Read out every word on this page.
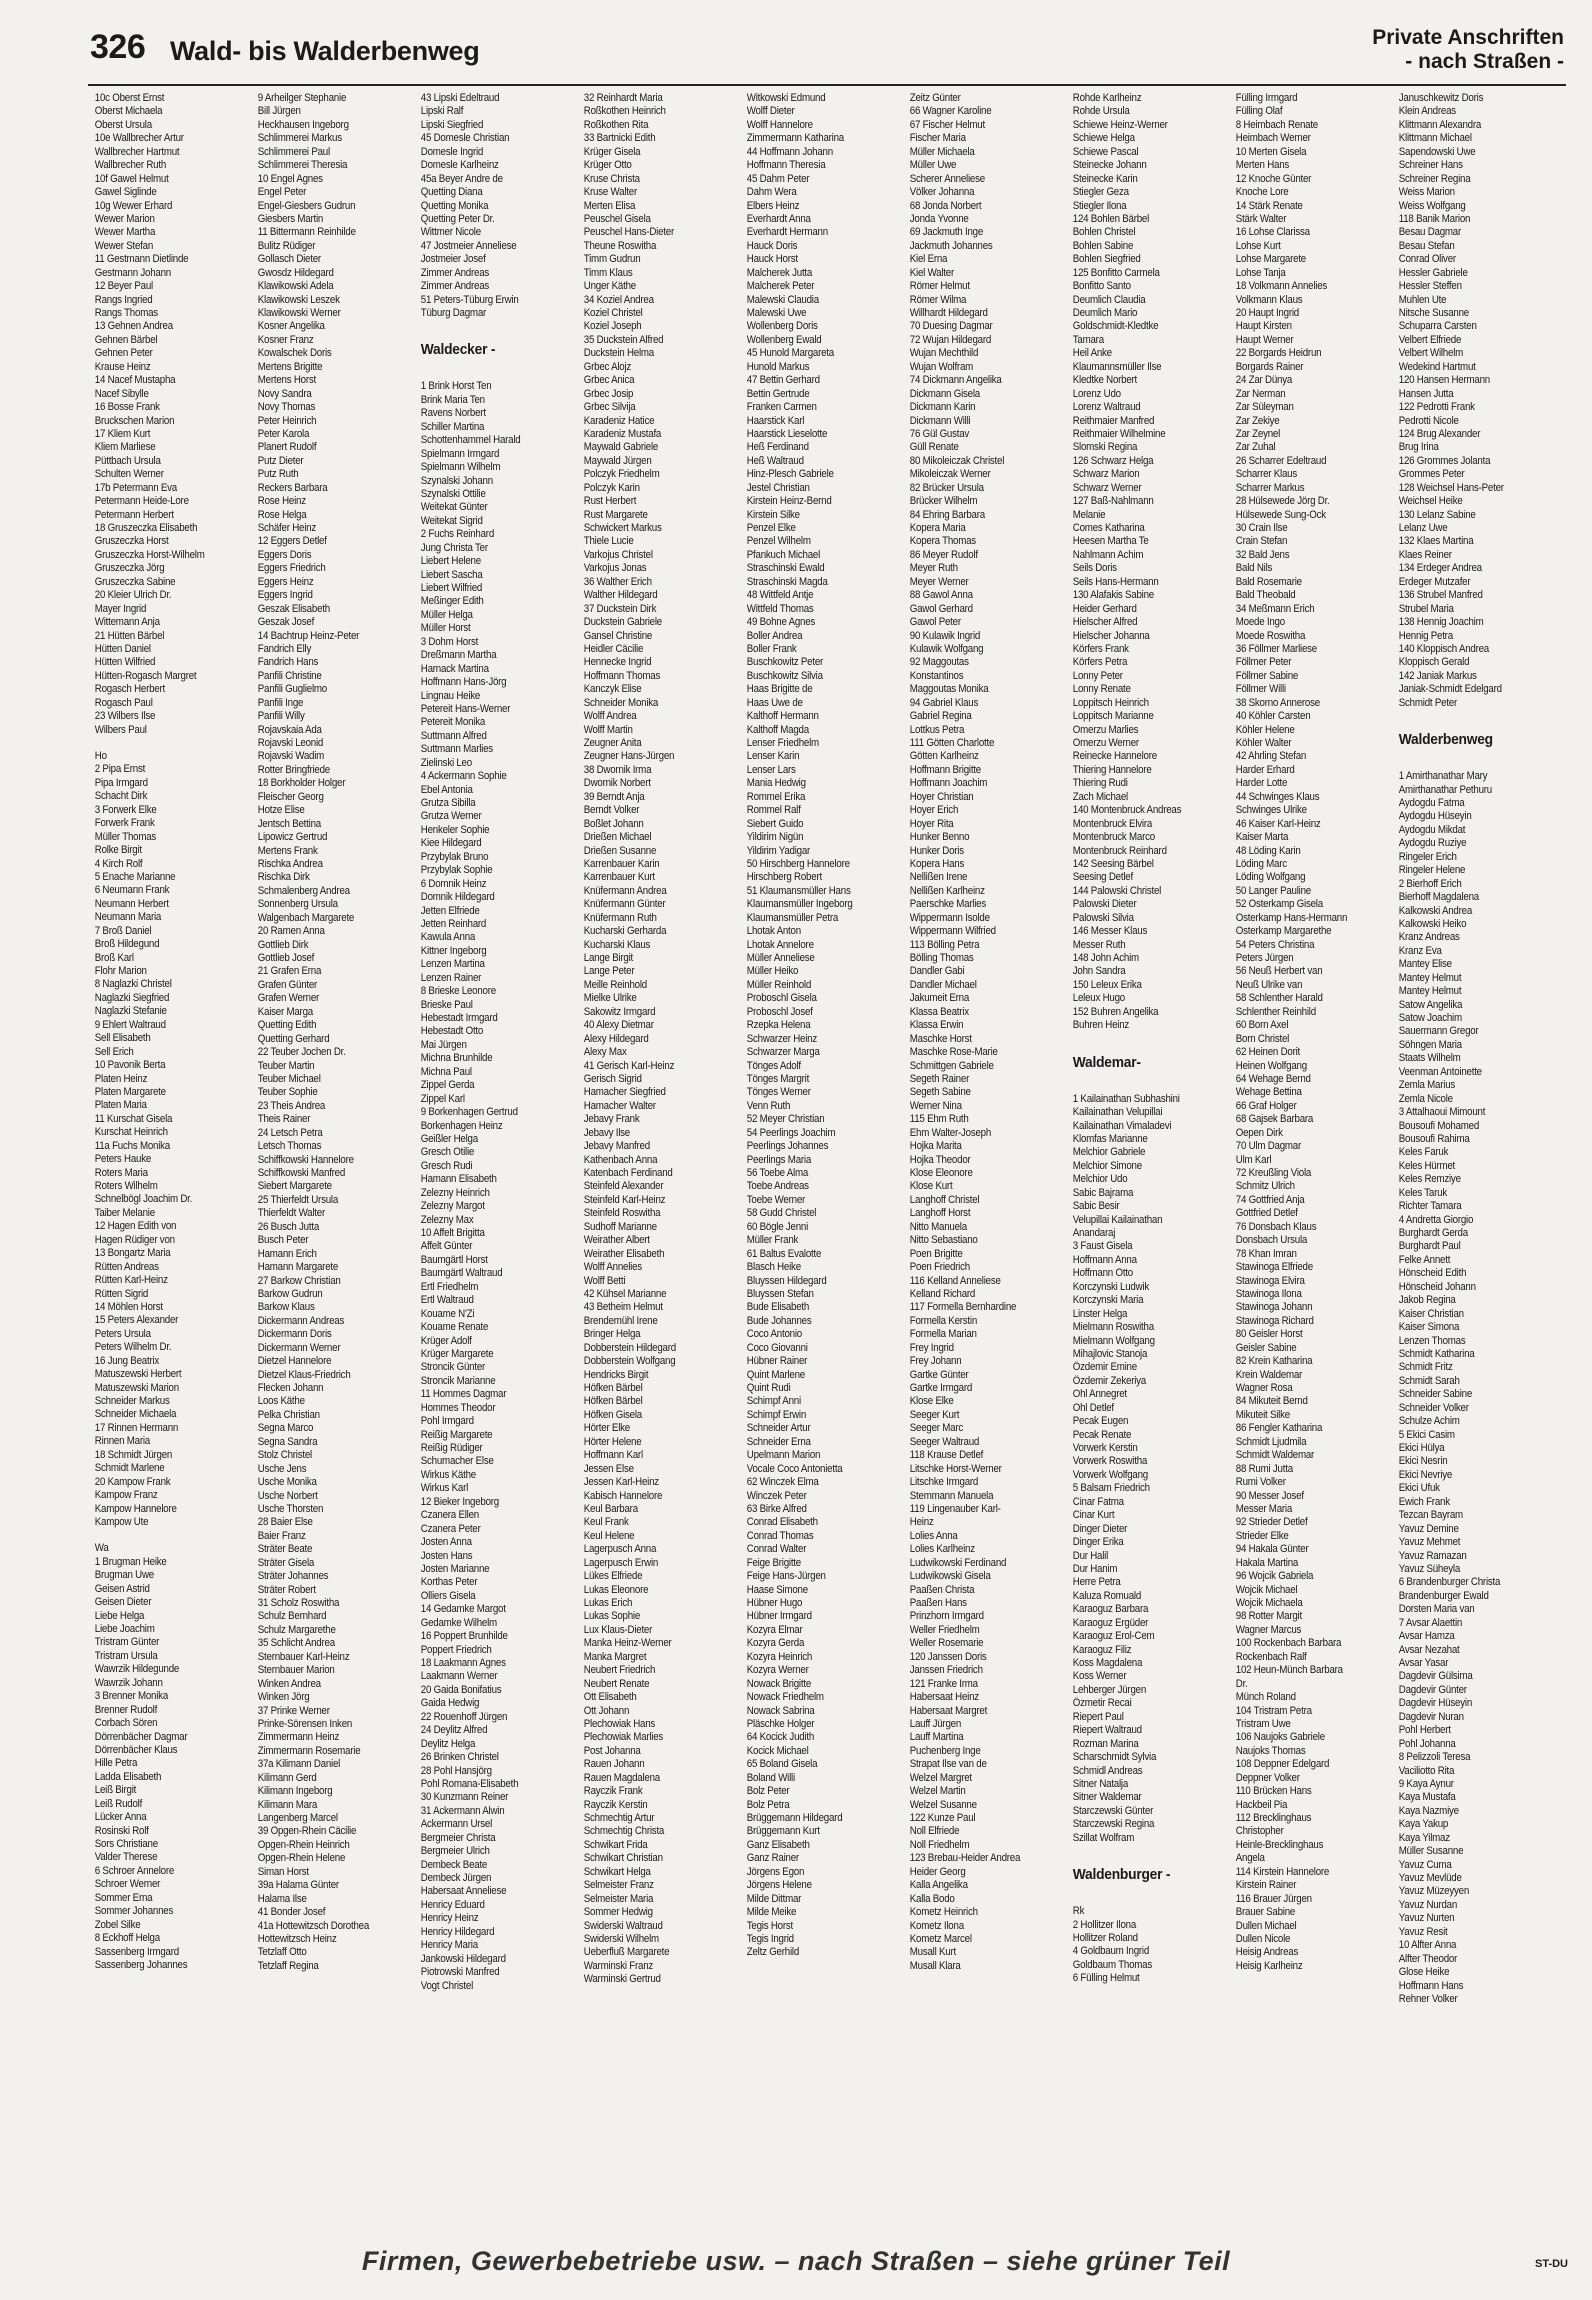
326 Wald- bis Walderbenweg	Private Anschriften
- nach Straßen -
10c Oberst Ernst
Oberst Michaela
Oberst Ursula
10e Wallbrecher Artur
Wallbrecher Hartmut
Wallbrecher Ruth
10f Gawel Helmut
Gawel Siglinde
10g Wewer Erhard
Wewer Marion
Wewer Martha
Wewer Stefan
11 Gestmann Dietlinde
Gestmann Johann
12 Beyer Paul
Rangs Ingried
Rangs Thomas
13 Gehnen Andrea
Gehnen Bärbel
Gehnen Peter
Krause Heinz
14 Nacef Mustapha
Nacef Sibylle
16 Bosse Frank
Bruckschen Marion
17 Kliem Kurt
Kliem Marliese
Püttbach Ursula
Schulten Werner
17b Petermann Eva
Petermann Heide-Lore
Petermann Herbert
18 Gruszeczka Elisabeth
Gruszeczka Horst
Gruszeczka Horst-Wilhelm
Gruszeczka Jörg
Gruszeczka Sabine
20 Kleier Ulrich Dr.
Mayer Ingrid
Wittemann Anja
21 Hütten Bärbel
Hütten Daniel
Hütten Wilfried
Hütten-Rogasch Margret
Rogasch Herbert
Rogasch Paul
23 Wilbers Ilse
Wilbers Paul
Ho
2 Pipa Ernst
Pipa Irmgard
Schacht Dirk
3 Forwerk Elke
Forwerk Frank
Müller Thomas
Rolke Birgit
4 Kirch Rolf
5 Enache Marianne
6 Neumann Frank
Neumann Herbert
Neumann Maria
7 Broß Daniel
Broß Hildegund
Broß Karl
Flohr Marion
8 Naglazki Christel
Naglazki Siegfried
Naglazki Stefanie
9 Ehlert Waltraud
Sell Elisabeth
Sell Erich
10 Pavonik Berta
Platen Heinz
Platen Margarete
Platen Maria
11 Kurschat Gisela
Kurschat Heinrich
11a Fuchs Monika
Peters Hauke
Roters Maria
Roters Wilhelm
Schnelbögl Joachim Dr.
Taiber Melanie
12 Hagen Edith von
Hagen Rüdiger von
13 Bongartz Maria
Rütten Andreas
Rütten Karl-Heinz
Rütten Sigrid
14 Möhlen Horst
15 Peters Alexander
Peters Ursula
Peters Wilhelm Dr.
16 Jung Beatrix
Matuszewski Herbert
Matuszewski Marion
Schneider Markus
Schneider Michaela
17 Rinnen Hermann
Rinnen Maria
18 Schmidt Jürgen
Schmidt Marlene
20 Kampow Frank
Kampow Franz
Kampow Hannelore
Kampow Ute
Wa
1 Brugman Heike
Brugman Uwe
Geisen Astrid
Geisen Dieter
Liebe Helga
Liebe Joachim
Tristram Günter
Tristram Ursula
Wawrzik Hildegunde
Wawrzik Johann
3 Brenner Monika
Brenner Rudolf
Corbach Sören
Dörrenbächer Dagmar
Dörrenbächer Klaus
Hille Petra
Ladda Elisabeth
Leiß Birgit
Leiß Rudolf
Lücker Anna
Rosinski Rolf
Sors Christiane
Valder Therese
6 Schroer Annelore
Schroer Werner
Sommer Erna
Sommer Johannes
Zobel Silke
8 Eckhoff Helga
Sassenberg Irmgard
Sassenberg Johannes
9 Arheilger Stephanie
Bill Jürgen
Heckhausen Ingeborg
Schlimmerei Markus
Schlimmerei Paul
Schlimmerei Theresia
10 Engel Agnes
Engel Peter
Engel-Giesbers Gudrun
Giesbers Martin
11 Bittermann Reinhilde
Bulitz Rüdiger
Gollasch Dieter
Gwosdz Hildegard
Klawikowski Adela
Klawikowski Leszek
Klawikowski Werner
Kosner Angelika
Kosner Franz
Kowalschek Doris
Mertens Brigitte
Mertens Horst
Novy Sandra
Novy Thomas
Peter Heinrich
Peter Karola
Planert Rudolf
Putz Dieter
Putz Ruth
Reckers Barbara
Rose Heinz
Rose Helga
Schäfer Heinz
12 Eggers Detlef
Eggers Doris
Eggers Friedrich
Eggers Heinz
Eggers Ingrid
Geszak Elisabeth
Geszak Josef
14 Bachtrup Heinz-Peter
Fandrich Elly
Fandrich Hans
Panfili Christine
Panfili Guglielmo
Panfili Inge
Panfili Willy
Rojavskaia Ada
Rojavski Leonid
Rojavski Wadim
Rotter Bringfriede
18 Borkholder Holger
Fleischer Georg
Hotze Elise
Jentsch Bettina
Lipowicz Gertrud
Mertens Frank
Rischka Andrea
Rischka Dirk
Schmalenberg Andrea
Sonnenberg Ursula
Walgenbach Margarete
20 Ramen Anna
Gottlieb Dirk
Gottlieb Josef
21 Grafen Erna
Grafen Günter
Grafen Werner
Kaiser Marga
Quetting Edith
Quetting Gerhard
22 Teuber Jochen Dr.
Teuber Martin
Teuber Michael
Teuber Sophie
23 Theis Andrea
Theis Rainer
24 Letsch Petra
Letsch Thomas
Schiffkowski Hannelore
Schiffkowski Manfred
Siebert Margarete
25 Thierfeldt Ursula
Thierfeldt Walter
26 Busch Jutta
Busch Peter
Hamann Erich
Hamann Margarete
27 Barkow Christian
Barkow Gudrun
Barkow Klaus
Dickermann Andreas
Dickermann Doris
Dickermann Werner
Dietzel Hannelore
Dietzel Klaus-Friedrich
Flecken Johann
Loos Käthe
Pelka Christian
Segna Marco
Segna Sandra
Stolz Christel
Usche Jens
Usche Monika
Usche Norbert
Usche Thorsten
28 Baier Else
Baier Franz
Sträter Beate
Sträter Gisela
Sträter Johannes
Sträter Robert
31 Scholz Roswitha
Schulz Bernhard
Schulz Margarethe
35 Schlicht Andrea
Sternbauer Karl-Heinz
Sternbauer Marion
Winken Andrea
Winken Jörg
37 Prinke Werner
Prinke-Sörensen Inken
Zimmermann Heinz
Zimmermann Rosemarie
37a Kilimann Daniel
Kilimann Gerd
Kilimann Ingeborg
Kilimann Mara
Langenberg Marcel
39 Opgen-Rhein Cäcilie
Opgen-Rhein Heinrich
Opgen-Rhein Helene
Siman Horst
39a Halama Günter
Halama Ilse
41 Bonder Josef
41a Hottewitzsch Dorothea
Hottewitzsch Heinz
Tetzlaff Otto
Tetzlaff Regina
43 Lipski Edeltraud
Lipski Ralf
Lipski Siegfried
45 Domesle Christian
Domesle Ingrid
Domesle Karlheinz
45a Beyer Andre de
Quetting Diana
Quetting Monika
Quetting Peter Dr.
Wittmer Nicole
47 Jostmeier Anneliese
Jostmeier Josef
Zimmer Andreas
Zimmer Andreas
51 Peters-Tüburg Erwin
Tüburg Dagmar
Waldecker -
1 Brink Horst Ten
Brink Maria Ten
Ravens Norbert
Schiller Martina
Schottenhammel Harald
Spielmann Irmgard
Spielmann Wilhelm
Szynalski Johann
Szynalski Ottilie
Weitekat Günter
Weitekat Sigrid
2 Fuchs Reinhard
Jung Christa Ter
Liebert Helene
Liebert Sascha
Liebert Wilfried
Meßinger Edith
Müller Helga
Müller Horst
3 Dohm Horst
Dreßmann Martha
Harnack Martina
Hoffmann Hans-Jörg
Lingnau Heike
Petereit Hans-Werner
Petereit Monika
Suttmann Alfred
Suttmann Marlies
Zielinski Leo
4 Ackermann Sophie
Ebel Antonia
Grutza Sibilla
Grutza Werner
Henkeler Sophie
Kiee Hildegard
Przybylak Bruno
Przybylak Sophie
6 Domnik Heinz
Domnik Hildegard
Jetten Elfriede
Jetten Reinhard
Kawula Anna
Kittner Ingeborg
Lenzen Martina
Lenzen Rainer
8 Brieske Leonore
Brieske Paul
Hebestadt Irmgard
Hebestadt Otto
Mai Jürgen
Michna Brunhilde
Michna Paul
Zippel Gerda
Zippel Karl
9 Borkenhagen Gertrud
Borkenhagen Heinz
Geißler Helga
Gresch Otilie
Gresch Rudi
Hamann Elisabeth
Zelezny Heinrich
Zelezny Margot
Zelezny Max
10 Affelt Brigitta
Affelt Günter
Baumgärtl Horst
Baumgärtl Waltraud
Ertl Friedhelm
Ertl Waltraud
Kouame N'Zi
Kouame Renate
Krüger Adolf
Krüger Margarete
Stroncik Günter
Stroncik Marianne
11 Hommes Dagmar
Hommes Theodor
Pohl Irmgard
Reißig Margarete
Reißig Rüdiger
Schumacher Else
Wirkus Käthe
Wirkus Karl
12 Bieker Ingeborg
Czanera Ellen
Czanera Peter
Josten Anna
Josten Hans
Josten Marianne
Korthas Peter
Olliers Gisela
14 Gedamke Margot
Gedamke Wilhelm
16 Poppert Brunhilde
Poppert Friedrich
18 Laakmann Agnes
Laakmann Werner
20 Gaida Bonifatius
Gaida Hedwig
22 Rouenhoff Jürgen
24 Deylitz Alfred
Deylitz Helga
26 Brinken Christel
28 Pohl Hansjörg
Pohl Romana-Elisabeth
30 Kunzmann Reiner
31 Ackermann Alwin
Ackermann Ursel
Bergmeier Christa
Bergmeier Ulrich
Dembeck Beate
Dembeck Jürgen
Habersaat Anneliese
Henricy Eduard
Henricy Heinz
Henricy Hildegard
Henricy Maria
Jankowski Hildegard
Piotrowski Manfred
Vogt Christel
32 Reinhardt Maria
Roßkothen Heinrich
Roßkothen Rita
33 Bartnicki Edith
Krüger Gisela
Krüger Otto
Kruse Christa
Kruse Walter
Merten Elisa
Peuschel Gisela
Peuschel Hans-Dieter
Theune Roswitha
Timm Gudrun
Timm Klaus
Unger Käthe
34 Koziel Andrea
Koziel Christel
Koziel Joseph
35 Duckstein Alfred
Duckstein Helma
Grbec Alojz
Grbec Anica
Grbec Josip
Grbec Silvija
Karadeniz Hatice
Karadeniz Mustafa
Maywald Gabriele
Maywald Jürgen
Polczyk Friedhelm
Polczyk Karin
Rust Herbert
Rust Margarete
Schwickert Markus
Thiele Lucie
Varkojus Christel
Varkojus Jonas
36 Walther Erich
Walther Hildegard
37 Duckstein Dirk
Duckstein Gabriele
Gansel Christine
Heidler Cäcilie
Hennecke Ingrid
Hoffmann Thomas
Kanczyk Elise
Schneider Monika
Wolff Andrea
Wolff Martin
Zeugner Anita
Zeugner Hans-Jürgen
38 Dwornik Irma
Dwornik Norbert
39 Berndt Anja
Berndt Volker
Boßlet Johann
Drießen Michael
Drießen Susanne
Karrenbauer Karin
Karrenbauer Kurt
Knüfermann Andrea
Knüfermann Günter
Knüfermann Ruth
Kucharski Gerharda
Kucharski Klaus
Lange Birgit
Lange Peter
Meille Reinhold
Mielke Ulrike
Sakowitz Irmgard
40 Alexy Dietmar
Alexy Hildegard
Alexy Max
41 Gerisch Karl-Heinz
Gerisch Sigrid
Hamacher Siegfried
Hamacher Walter
Jebavy Frank
Jebavy Ilse
Jebavy Manfred
Kathenbach Anna
Katenbach Ferdinand
Steinfeld Alexander
Steinfeld Karl-Heinz
Steinfeld Roswitha
Sudhoff Marianne
Weirather Albert
Weirather Elisabeth
Wolff Annelies
Wolff Betti
42 Kühsel Marianne
43 Betheim Helmut
Brendemühl Irene
Bringer Helga
Dobberstein Hildegard
Dobberstein Wolfgang
Hendricks Birgit
Höfken Bärbel
Höfken Bärbel
Höfken Gisela
Hörter Elke
Hörter Helene
Hoffmann Karl
Jessen Else
Jessen Karl-Heinz
Kabisch Hannelore
Keul Barbara
Keul Frank
Keul Helene
Lagerpusch Anna
Lagerpusch Erwin
Lükes Elfriede
Lukas Eleonore
Lukas Erich
Lukas Sophie
Lux Klaus-Dieter
Manka Heinz-Werner
Manka Margret
Neubert Friedrich
Neubert Renate
Ott Elisabeth
Ott Johann
Plechowiak Hans
Plechowiak Marlies
Post Johanna
Rauen Johann
Rauen Magdalena
Rayczik Frank
Rayczik Kerstin
Schmechtig Artur
Schmechtig Christa
Schwikart Frida
Schwikart Christian
Schwikart Helga
Selmeister Franz
Selmeister Maria
Sommer Hedwig
Swiderski Waltraud
Swiderski Wilhelm
Ueberfluß Margarete
Warminski Franz
Warminski Gertrud
Witkowski Edmund
Wolff Dieter
Wolff Hannelore
Zimmermann Katharina
44 Hoffmann Johann
Hoffmann Theresia
45 Dahm Peter
Dahm Wera
Elbers Heinz
Everhardt Anna
Everhardt Hermann
Hauck Doris
Hauck Horst
Malcherek Jutta
Malcherek Peter
Malewski Claudia
Malewski Uwe
Wollenberg Doris
Wollenberg Ewald
45 Hunold Margareta
Hunold Markus
47 Bettin Gerhard
Bettin Gertrude
Franken Carmen
Haarstick Karl
Haarstick Lieselotte
Heß Ferdinand
Heß Waltraud
Hinz-Plesch Gabriele
Jestel Christian
Kirstein Heinz-Bernd
Kirstein Silke
Penzel Elke
Penzel Wilhelm
Pfankuch Michael
Straschinski Ewald
Straschinski Magda
48 Wittfeld Antje
Wittfeld Thomas
49 Bohne Agnes
Boller Andrea
Boller Frank
Buschkowitz Peter
Buschkowitz Silvia
Haas Brigitte de
Haas Uwe de
Kalthoff Hermann
Kalthoff Magda
Lenser Friedhelm
Lenser Karin
Lenser Lars
Mania Hedwig
Rommel Erika
Rommel Ralf
Siebert Guido
Yildirim Nigün
Yildirim Yadigar
50 Hirschberg Hannelore
Hirschberg Robert
51 Klaumansmüller Hans
Klaumansmüller Ingeborg
Klaumansmüller Petra
Lhotak Anton
Lhotak Annelore
Müller Anneliese
Müller Heiko
Müller Reinhold
Proboschl Gisela
Proboschl Josef
Rzepka Helena
Schwarzer Heinz
Schwarzer Marga
Tönges Adolf
Tönges Margrit
Tönges Werner
Venn Ruth
52 Meyer Christian
54 Peerlings Joachim
Peerlings Johannes
Peerlings Maria
56 Toebe Alma
Toebe Andreas
Toebe Werner
58 Gudd Christel
60 Bögle Jenni
Müller Frank
61 Baltus Evalotte
Blasch Heike
Bluyssen Hildegard
Bluyssen Stefan
Bude Elisabeth
Bude Johannes
Coco Antonio
Coco Giovanni
Hübner Rainer
Quint Marlene
Quint Rudi
Schimpf Anni
Schimpf Erwin
Schneider Artur
Schneider Erna
Upelmann Marion
Vocale Coco Antonietta
62 Winczek Elma
Winczek Peter
63 Birke Alfred
Conrad Elisabeth
Conrad Thomas
Conrad Walter
Feige Brigitte
Feige Hans-Jürgen
Haase Simone
Hübner Hugo
Hübner Irmgard
Kozyra Elmar
Kozyra Gerda
Kozyra Heinrich
Kozyra Werner
Nowack Brigitte
Nowack Friedhelm
Nowack Sabrina
Pläschke Holger
64 Kocick Judith
Kocick Michael
65 Boland Gisela
Boland Willi
Bolz Peter
Bolz Petra
Brüggemann Hildegard
Brüggemann Kurt
Ganz Elisabeth
Ganz Rainer
Jörgens Egon
Jörgens Helene
Milde Dittmar
Milde Meike
Tegis Horst
Tegis Ingrid
Zeltz Gerhild
Zeitz Günter
66 Wagner Karoline
67 Fischer Helmut
Fischer Maria
Müller Michaela
Müller Uwe
Scherer Anneliese
Völker Johanna
68 Jonda Norbert
Jonda Yvonne
69 Jackmuth Inge
Jackmuth Johannes
Kiel Erna
Kiel Walter
Römer Helmut
Römer Wilma
Willhardt Hildegard
70 Duesing Dagmar
72 Wujan Hildegard
Wujan Mechthild
Wujan Wolfram
74 Dickmann Angelika
Dickmann Gisela
Dickmann Karin
Dickmann Willi
76 Gül Gustav
Güll Renate
80 Mikoleiczak Christel
Mikoleiczak Werner
82 Brücker Ursula
Brücker Wilhelm
84 Ehring Barbara
Kopera Maria
Kopera Thomas
86 Meyer Rudolf
Meyer Ruth
Meyer Werner
88 Gawol Anna
Gawol Gerhard
Gawol Peter
90 Kulawik Ingrid
Kulawik Wolfgang
92 Maggoutas
Konstantinos
Maggoutas Monika
94 Gabriel Klaus
Gabriel Regina
Lottkus Petra
111 Götten Charlotte
Götten Karlheinz
Hoffmann Brigitte
Hoffmann Joachim
Hoyer Christian
Hoyer Erich
Hoyer Rita
Hunker Benno
Hunker Doris
Kopera Hans
Nellißen Irene
Nellißen Karlheinz
Paerschke Marlies
Wippermann Isolde
Wippermann Wilfried
113 Bölling Petra
Bölling Thomas
Dandler Gabi
Dandler Michael
Jakumeit Erna
Klassa Beatrix
Klassa Erwin
Maschke Horst
Maschke Rose-Marie
Schmittgen Gabriele
Segeth Rainer
Segeth Sabine
Werner Nina
115 Ehm Ruth
Ehm Walter-Joseph
Hojka Marita
Hojka Theodor
Klose Eleonore
Klose Kurt
Langhoff Christel
Langhoff Horst
Nitto Manuela
Nitto Sebastiano
Poen Brigitte
Poen Friedrich
116 Kelland Anneliese
Kelland Richard
117 Formella Bernhardine
Formella Kerstin
Formella Marian
Frey Ingrid
Frey Johann
Gartke Günter
Gartke Irmgard
Klose Elke
Seeger Kurt
Seeger Marc
Seeger Waltraud
118 Krause Detlef
Litschke Horst-Werner
Litschke Irmgard
Stemmann Manuela
119 Lingenauber Karl-
Heinz
Lolies Anna
Lolies Karlheinz
Ludwikowski Ferdinand
Ludwikowski Gisela
Paaßen Christa
Paaßen Hans
Prinzhorn Irmgard
Weller Friedhelm
Weller Rosemarie
120 Janssen Doris
Janssen Friedrich
121 Franke Irma
Habersaat Heinz
Habersaat Margret
Lauff Jürgen
Lauff Martina
Puchenberg Inge
Strapat Ilse van de
Welzel Margret
Welzel Martin
Welzel Susanne
122 Kunze Paul
Noll Elfriede
Noll Friedhelm
123 Brebau-Heider Andrea
Heider Georg
Kalla Angelika
Kalla Bodo
Kometz Heinrich
Kometz Ilona
Kometz Marcel
Musall Kurt
Musall Klara
Rohde Karlheinz
Rohde Ursula
Schiewe Heinz-Werner
Schiewe Helga
Schiewe Pascal
Steinecke Johann
Steinecke Karin
Stiegler Geza
Stiegler Ilona
124 Bohlen Bärbel
Bohlen Christel
Bohlen Sabine
Bohlen Siegfried
125 Bonfitto Carmela
Bonfitto Santo
Deumlich Claudia
Deumlich Mario
Goldschmidt-Kledtke
Tamara
Heil Anke
Klaumannsmüller Ilse
Kledtke Norbert
Lorenz Udo
Lorenz Waltraud
Reithmaier Manfred
Reithmaier Wilhelmine
Slomski Regina
126 Schwarz Helga
Schwarz Marion
Schwarz Werner
127 Baß-Nahlmann
Melanie
Comes Katharina
Heesen Martha Te
Nahlmann Achim
Seils Doris
Seils Hans-Hermann
130 Alafakis Sabine
Heider Gerhard
Hielscher Alfred
Hielscher Johanna
Körfers Frank
Körfers Petra
Lonny Peter
Lonny Renate
Loppitsch Heinrich
Loppitsch Marianne
Omerzu Marlies
Omerzu Werner
Reinecke Hannelore
Thiering Hannelore
Thiering Rudi
Zach Michael
140 Montenbruck Andreas
Montenbruck Elvira
Montenbruck Marco
Montenbruck Reinhard
142 Seesing Bärbel
Seesing Detlef
144 Palowski Christel
Palowski Dieter
Palowski Silvia
146 Messer Klaus
Messer Ruth
148 John Achim
John Sandra
150 Leleux Erika
Leleux Hugo
152 Buhren Angelika
Buhren Heinz
Waldemar-
1 Kailainathan Subhashini
Kailainathan Velupillai
Kailainathan Vimaladevi
Klomfas Marianne
Melchior Gabriele
Melchior Simone
Melchior Udo
Sabic Bajrama
Sabic Besir
Velupillai Kailainathan
Anandaraj
3 Faust Gisela
Hoffmann Anna
Hoffmann Otto
Korczynski Ludwik
Korczynski Maria
Linster Helga
Mielmann Roswitha
Mielmann Wolfgang
Mihajlovic Stanoja
Özdemir Emine
Özdemir Zekeriya
Ohl Annegret
Ohl Detlef
Pecak Eugen
Pecak Renate
Vorwerk Kerstin
Vorwerk Roswitha
Vorwerk Wolfgang
5 Balsam Friedrich
Cinar Fatma
Cinar Kurt
Dinger Dieter
Dinger Erika
Dur Halil
Dur Hanim
Herre Petra
Kaluza Romuald
Karaoguz Barbara
Karaoguz Ergüder
Karaoguz Erol-Cem
Karaoguz Filiz
Koss Magdalena
Koss Werner
Lehberger Jürgen
Özmetir Recai
Riepert Paul
Riepert Waltraud
Rozman Marina
Scharschmidt Sylvia
Schmidl Andreas
Sitner Natalja
Sitner Waldemar
Starczewski Günter
Starczewski Regina
Szillat Wolfram
Waldenburger -
Rk
2 Hollitzer Ilona
Hollitzer Roland
4 Goldbaum Ingrid
Goldbaum Thomas
6 Fülling Helmut
Fülling Irmgard
Fülling Olaf
8 Heimbach Renate
Heimbach Werner
10 Merten Gisela
Merten Hans
12 Knoche Günter
Knoche Lore
14 Stärk Renate
Stärk Walter
16 Lohse Clarissa
Lohse Kurt
Lohse Margarete
Lohse Tanja
18 Volkmann Annelies
Volkmann Klaus
20 Haupt Ingrid
Haupt Kirsten
Haupt Werner
22 Borgards Heidrun
Borgards Rainer
24 Zar Dünya
Zar Nerman
Zar Süleyman
Zar Zekiye
Zar Zeynel
Zar Zuhal
26 Scharrer Edeltraud
Scharrer Klaus
Scharrer Markus
28 Hülsewede Jörg Dr.
Hülsewede Sung-Ock
30 Crain Ilse
Crain Stefan
32 Bald Jens
Bald Nils
Bald Rosemarie
Bald Theobald
34 Meßmann Erich
Moede Ingo
Moede Roswitha
36 Föllmer Marliese
Föllmer Peter
Föllmer Sabine
Föllmer Willi
38 Skorno Annerose
40 Köhler Carsten
Köhler Helene
Köhler Walter
42 Ahrling Stefan
Harder Erhard
Harder Lotte
44 Schwinges Klaus
Schwinges Ulrike
46 Kaiser Karl-Heinz
Kaiser Marta
48 Löding Karin
Löding Marc
Löding Wolfgang
50 Langer Pauline
52 Osterkamp Gisela
Osterkamp Hans-Hermann
Osterkamp Margarethe
54 Peters Christina
Peters Jürgen
56 Neuß Herbert van
Neuß Ulrike van
58 Schlenther Harald
Schlenther Reinhild
60 Born Axel
Born Christel
62 Heinen Dorit
Heinen Wolfgang
64 Wehage Bernd
Wehage Bettina
66 Graf Holger
68 Gajsek Barbara
Oepen Dirk
70 Ulm Dagmar
Ulm Karl
72 Kreußling Viola
Schmitz Ulrich
74 Gottfried Anja
Gottfried Detlef
76 Donsbach Klaus
Donsbach Ursula
78 Khan Imran
Stawinoga Elfriede
Stawinoga Elvira
Stawinoga Ilona
Stawinoga Johann
Stawinoga Richard
80 Geisler Horst
Geisler Sabine
82 Krein Katharina
Krein Waldemar
Wagner Rosa
84 Mikuteit Bernd
Mikuteit Silke
86 Fengler Katharina
Schmidt Ljudmila
Schmidt Waldemar
88 Rumi Jutta
Rumi Volker
90 Messer Josef
Messer Maria
92 Strieder Detlef
Strieder Elke
94 Hakala Günter
Hakala Martina
96 Wojcik Gabriela
Wojcik Michael
Wojcik Michaela
98 Rotter Margit
Wagner Marcus
100 Rockenbach Barbara
Rockenbach Ralf
102 Heun-Münch Barbara
Dr.
Münch Roland
104 Tristram Petra
Tristram Uwe
106 Naujoks Gabriele
Naujoks Thomas
108 Deppner Edelgard
Deppner Volker
110 Brücken Hans
Hackbeil Pia
112 Brecklinghaus
Christopher
Heinle-Brecklinghaus
Angela
114 Kirstein Hannelore
Kirstein Rainer
116 Brauer Jürgen
Brauer Sabine
Dullen Michael
Dullen Nicole
Heisig Andreas
Heisig Karlheinz
Januschkewitz Doris
Klein Andreas
Klittmann Alexandra
Klittmann Michael
Sapendowski Uwe
Schreiner Hans
Schreiner Regina
Weiss Marion
Weiss Wolfgang
118 Banik Marion
Besau Dagmar
Besau Stefan
Conrad Oliver
Hessler Gabriele
Hessler Steffen
Muhlen Ute
Nitsche Susanne
Schuparra Carsten
Velbert Elfriede
Velbert Wilhelm
Wedekind Hartmut
120 Hansen Hermann
Hansen Jutta
122 Pedrotti Frank
Pedrotti Nicole
124 Brug Alexander
Brug Irina
126 Grommes Jolanta
Grommes Peter
128 Weichsel Hans-Peter
Weichsel Heike
130 Lelanz Sabine
Lelanz Uwe
132 Klaes Martina
Klaes Reiner
134 Erdeger Andrea
Erdeger Mutzafer
136 Strubel Manfred
Strubel Maria
138 Hennig Joachim
Hennig Petra
140 Kloppisch Andrea
Kloppisch Gerald
142 Janiak Markus
Janiak-Schmidt Edelgard
Schmidt Peter
Walderbenweg
1 Amirthanathar Mary
Amirthanathar Pethuru
Aydogdu Fatma
Aydogdu Hüseyin
Aydogdu Mikdat
Aydogdu Ruziye
Ringeler Erich
Ringeler Helene
2 Bierhoff Erich
Bierhoff Magdalena
Kalkowski Andrea
Kalkowski Heiko
Kranz Andreas
Kranz Eva
Mantey Elise
Mantey Helmut
Mantey Helmut
Satow Angelika
Satow Joachim
Sauermann Gregor
Söhngen Maria
Staats Wilhelm
Veenman Antoinette
Zemla Marius
Zemla Nicole
3 Attalhaoui Mimount
Bousoufi Mohamed
Bousoufi Rahima
Keles Faruk
Keles Hürmet
Keles Remziye
Keles Taruk
Richter Tamara
4 Andretta Giorgio
Burghardt Gerda
Burghardt Paul
Felke Annett
Hönscheid Edith
Hönscheid Johann
Jakob Regina
Kaiser Christian
Kaiser Simona
Lenzen Thomas
Schmidt Katharina
Schmidt Fritz
Schmidt Sarah
Schneider Sabine
Schneider Volker
Schulze Achim
5 Ekici Casim
Ekici Hülya
Ekici Nesrin
Ekici Nevriye
Ekici Ufuk
Ewich Frank
Tezcan Bayram
Yavuz Demine
Yavuz Mehmet
Yavuz Ramazan
Yavuz Süheyla
6 Brandenburger Christa
Brandenburger Ewald
Dorsten Maria van
7 Avsar Alaettin
Avsar Hamza
Avsar Nezahat
Avsar Yasar
Dagdevir Gülsima
Dagdevir Günter
Dagdevir Hüseyin
Dagdevir Nuran
Pohl Herbert
Pohl Johanna
8 Pelizzoli Teresa
Vaciliotto Rita
9 Kaya Aynur
Kaya Mustafa
Kaya Nazmiye
Kaya Yakup
Kaya Yilmaz
Müller Susanne
Yavuz Cuma
Yavuz Mevlüde
Yavuz Müzeyyen
Yavuz Nurdan
Yavuz Nurten
Yavuz Resit
10 Alfter Anna
Alfter Theodor
Glose Heike
Hoffmann Hans
Rehner Volker
Firmen, Gewerbebetriebe usw. – nach Straßen – siehe grüner Teil	ST-DU
